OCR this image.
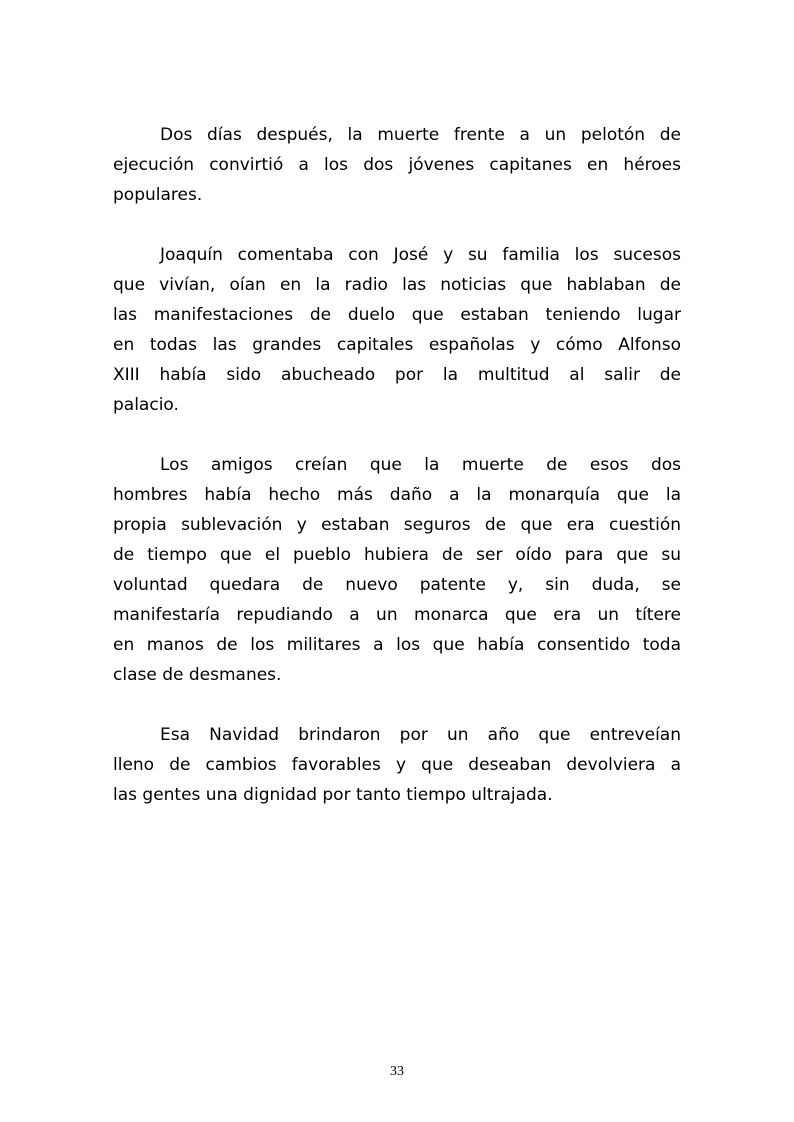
Dos días después, la muerte frente a un pelotón de
ejecución convirtió a los dos jóvenes capitanes en héroes
populares.
Joaquín comentaba con José y su familia los sucesos
que vivían, oían en la radio las noticias que hablaban de
las manifestaciones de duelo que estaban teniendo lugar
en todas las grandes capitales españolas y cómo Alfonso
XIII había sido abucheado por la multitud al salir de
palacio.
Los amigos creían que la muerte de esos dos
hombres había hecho más daño a la monarquía que la
propia sublevación y estaban seguros de que era cuestión
de tiempo que el pueblo hubiera de ser oído para que su
voluntad quedara de nuevo patente y, sin duda, se
manifestaría repudiando a un monarca que era un títere
en manos de los militares a los que había consentido toda
clase de desmanes.
Esa Navidad brindaron por un año que entreveían
lleno de cambios favorables y que deseaban devolviera a
las gentes una dignidad por tanto tiempo ultrajada.
33
